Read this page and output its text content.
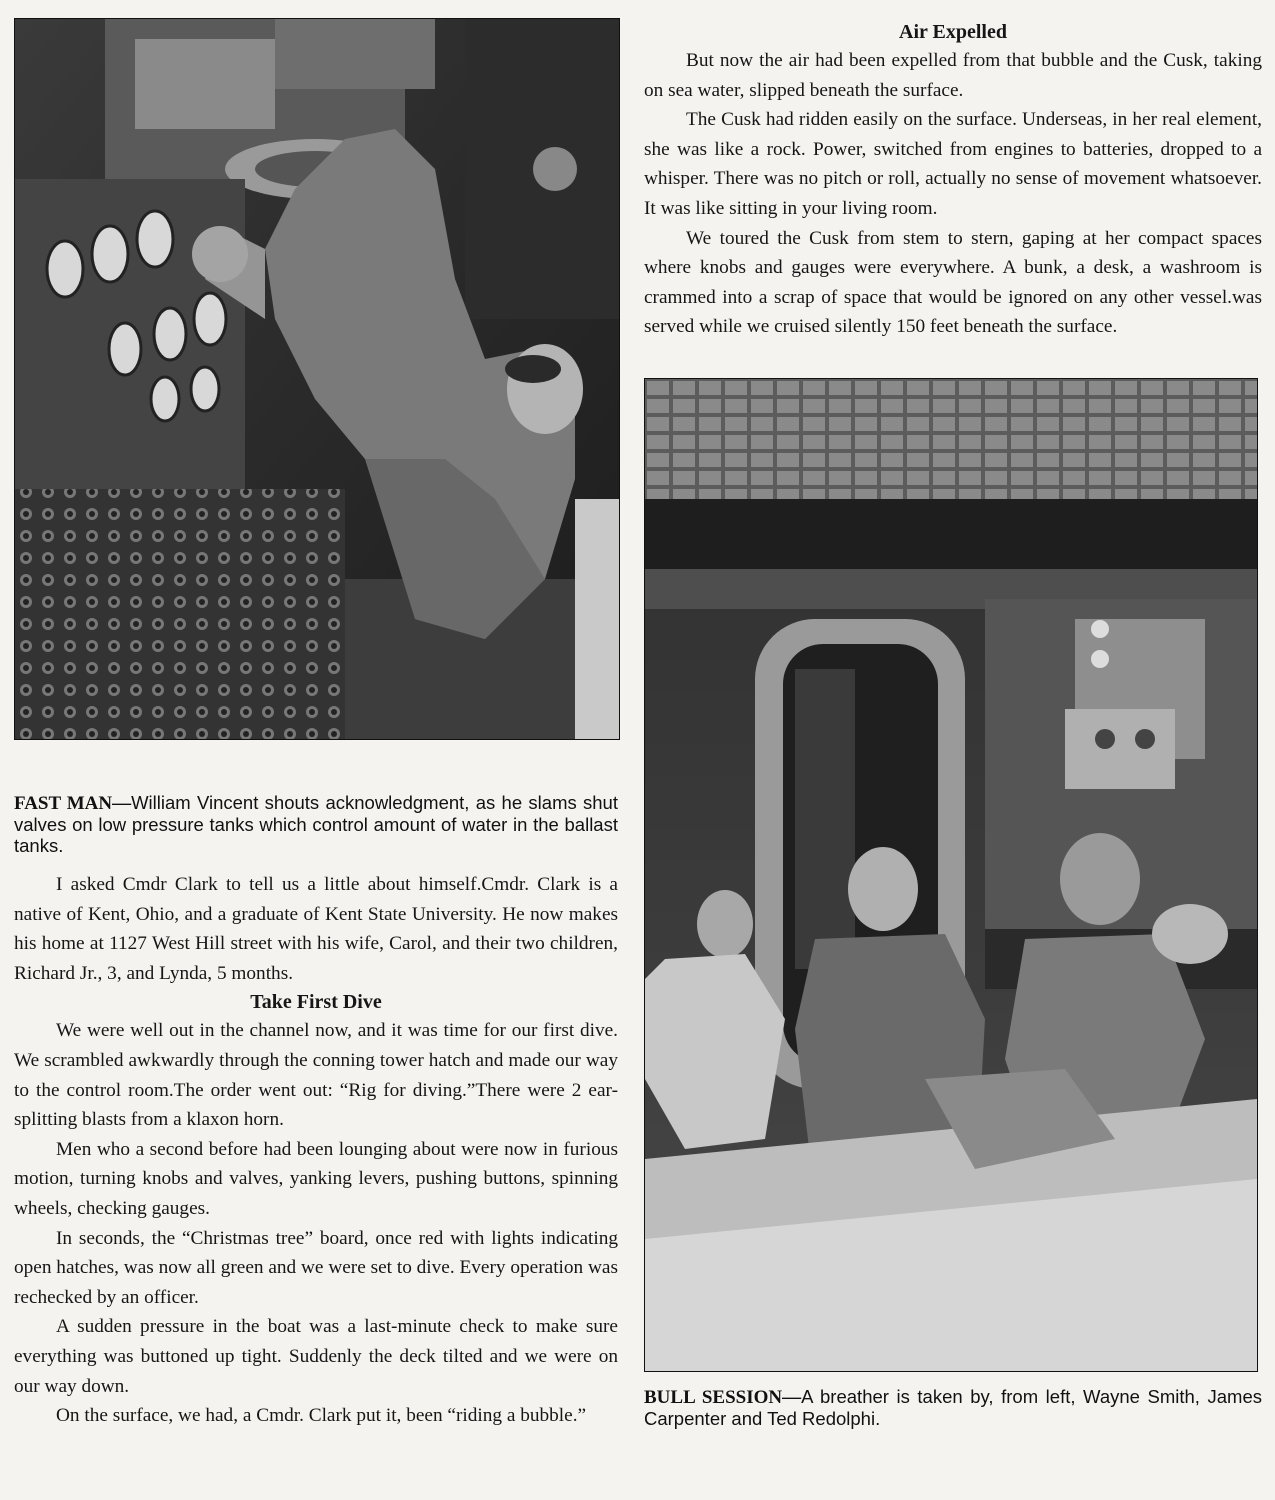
FAST MAN—William Vincent shouts acknowledgment, as he slams shut valves on low pressure tanks which control amount of water in the ballast tanks.

I asked Cmdr Clark to tell us a little about himself.Cmdr. Clark is a native of Kent, Ohio, and a graduate of Kent State University. He now makes his home at 1127 West Hill street with his wife, Carol, and their two children, Richard Jr., 3, and Lynda, 5 months.

Take First Dive

We were well out in the channel now, and it was time for our first dive. We scrambled awkwardly through the conning tower hatch and made our way to the control room.The order went out: “Rig for diving.”There were 2 ear-splitting blasts from a klaxon horn.

Men who a second before had been lounging about were now in furious motion, turning knobs and valves, yanking levers, pushing buttons, spinning wheels, checking gauges.

In seconds, the “Christmas tree” board, once red with lights indicating open hatches, was now all green and we were set to dive. Every operation was rechecked by an officer.

A sudden pressure in the boat was a last-minute check to make sure everything was buttoned up tight. Suddenly the deck tilted and we were on our way down.

On the surface, we had, a Cmdr. Clark put it, been “riding a bubble.”

Air Expelled

But now the air had been expelled from that bubble and the Cusk, taking on sea water, slipped beneath the surface.

The Cusk had ridden easily on the surface. Underseas, in her real element, she was like a rock. Power, switched from engines to batteries, dropped to a whisper. There was no pitch or roll, actually no sense of movement whatsoever. It was like sitting in your living room.

We toured the Cusk from stem to stern, gaping at her compact spaces where knobs and gauges were everywhere. A bunk, a desk, a washroom is crammed into a scrap of space that would be ignored on any other vessel.was served while we cruised silently 150 feet beneath the surface.

BULL SESSION—A breather is taken by, from left, Wayne Smith, James Carpenter and Ted Redolphi.
